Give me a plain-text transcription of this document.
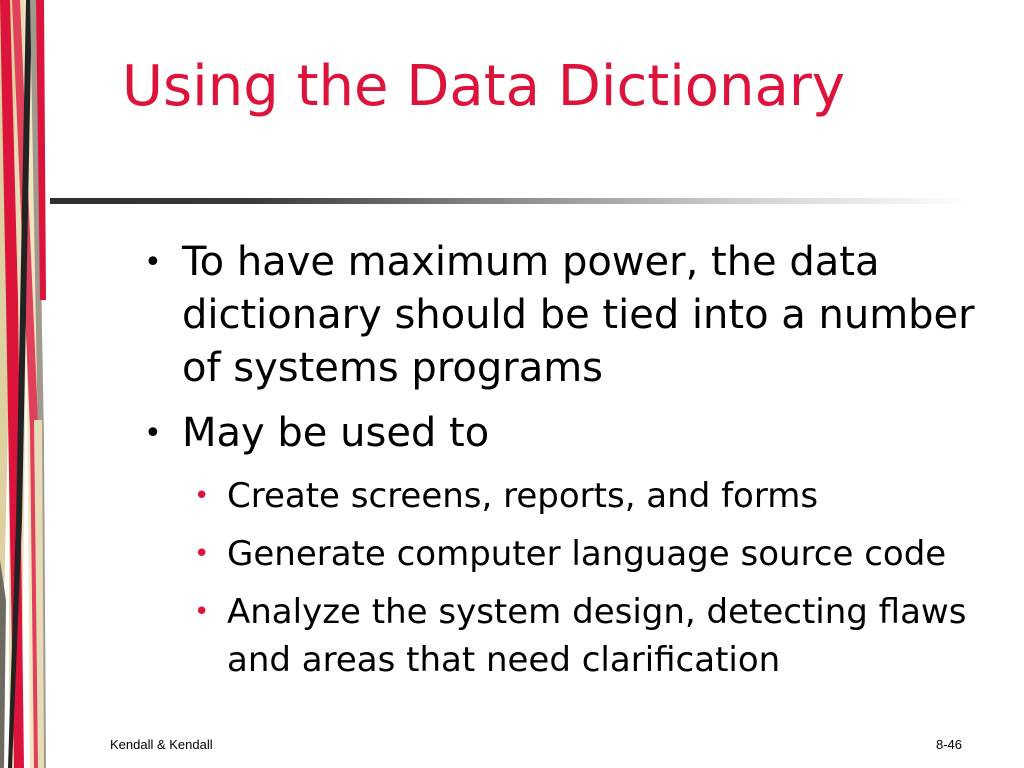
Using the Data Dictionary
• To have maximum power, the data dictionary should be tied into a number of systems programs
• May be used to
• Create screens, reports, and forms
• Generate computer language source code
• Analyze the system design, detecting flaws and areas that need clarification
Kendall & Kendall	8-46
